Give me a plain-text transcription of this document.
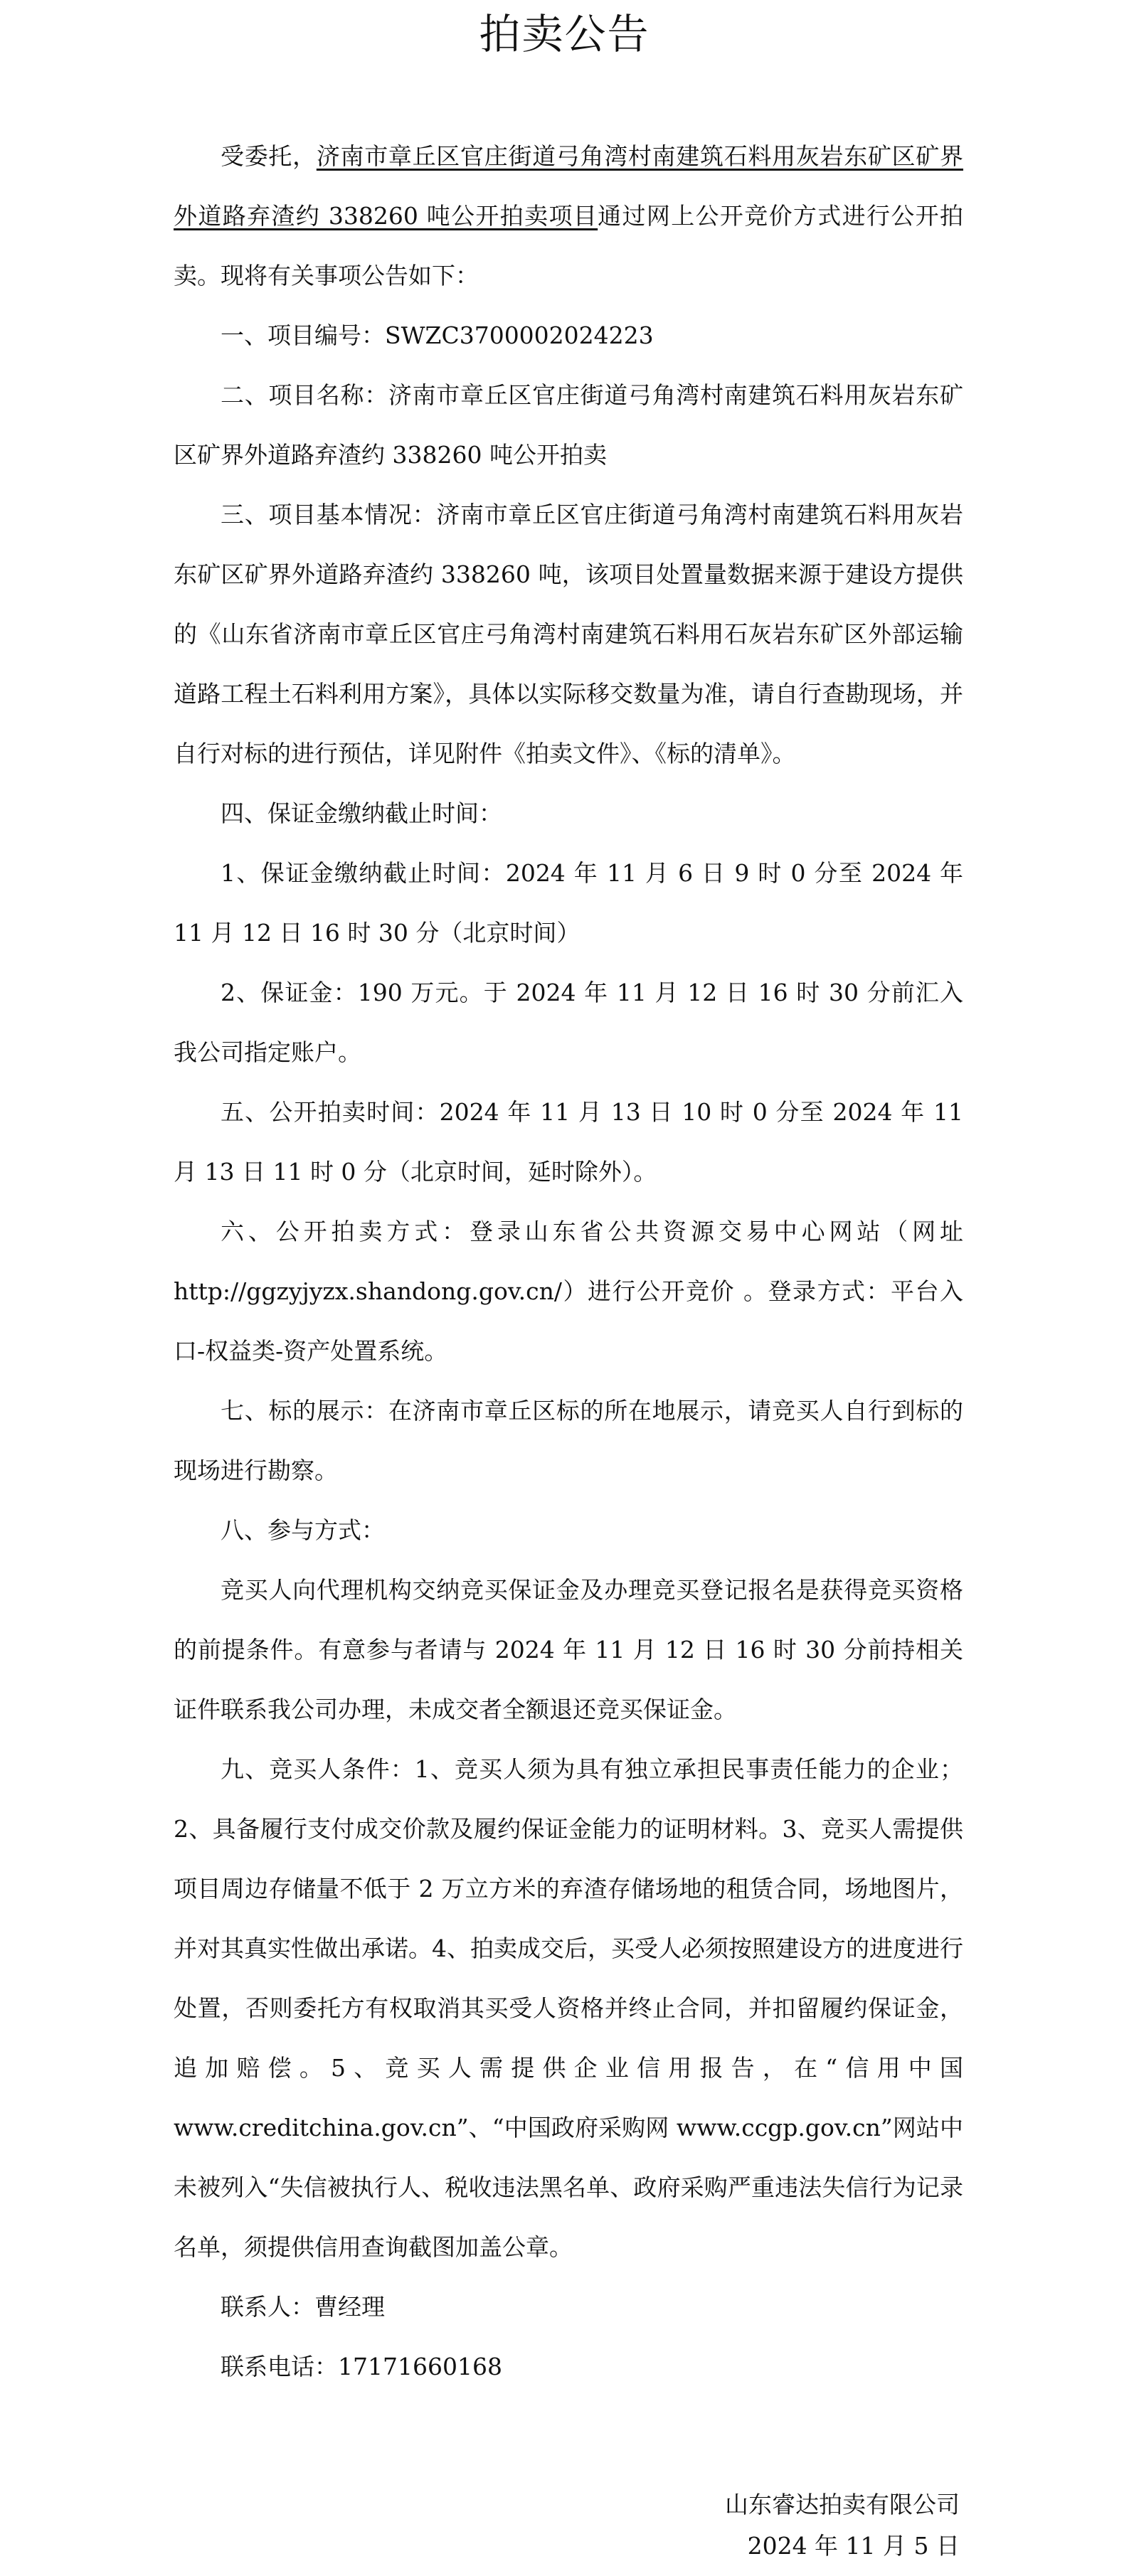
拍卖公告

受委托，济南市章丘区官庄街道弓角湾村南建筑石料用灰岩东矿区矿界外道路弃渣约 338260 吨公开拍卖项目通过网上公开竞价方式进行公开拍卖。现将有关事项公告如下：

一、项目编号：SWZC3700002024223

二、项目名称：济南市章丘区官庄街道弓角湾村南建筑石料用灰岩东矿区矿界外道路弃渣约 338260 吨公开拍卖

三、项目基本情况：济南市章丘区官庄街道弓角湾村南建筑石料用灰岩东矿区矿界外道路弃渣约 338260 吨，该项目处置量数据来源于建设方提供的《山东省济南市章丘区官庄弓角湾村南建筑石料用石灰岩东矿区外部运输道路工程土石料利用方案》，具体以实际移交数量为准，请自行查勘现场，并自行对标的进行预估，详见附件《拍卖文件》、《标的清单》。

四、保证金缴纳截止时间：

1、保证金缴纳截止时间：2024 年 11 月 6 日 9 时 0 分至 2024 年 11 月 12 日 16 时 30 分（北京时间）

2、保证金：190 万元。于 2024 年 11 月 12 日 16 时 30 分前汇入我公司指定账户。

五、公开拍卖时间：2024 年 11 月 13 日 10 时 0 分至 2024 年 11 月 13 日 11 时 0 分（北京时间，延时除外）。

六、公开拍卖方式：登录山东省公共资源交易中心网站（网址 http://ggzyjyzx.shandong.gov.cn/）进行公开竞价 。登录方式：平台入口-权益类-资产处置系统。

七、标的展示：在济南市章丘区标的所在地展示，请竞买人自行到标的现场进行勘察。

八、参与方式：

竞买人向代理机构交纳竞买保证金及办理竞买登记报名是获得竞买资格的前提条件。有意参与者请与 2024 年 11 月 12 日 16 时 30 分前持相关证件联系我公司办理，未成交者全额退还竞买保证金。

九、竞买人条件：1、竞买人须为具有独立承担民事责任能力的企业；2、具备履行支付成交价款及履约保证金能力的证明材料。3、竞买人需提供项目周边存储量不低于 2 万立方米的弃渣存储场地的租赁合同，场地图片，并对其真实性做出承诺。4、拍卖成交后，买受人必须按照建设方的进度进行处置，否则委托方有权取消其买受人资格并终止合同，并扣留履约保证金，追加赔偿。5、竞买人需提供企业信用报告，在“信用中国 www.creditchina.gov.cn”、“中国政府采购网 www.ccgp.gov.cn”网站中未被列入“失信被执行人、税收违法黑名单、政府采购严重违法失信行为记录名单，须提供信用查询截图加盖公章。

联系人：曹经理

联系电话：17171660168

山东睿达拍卖有限公司
2024 年 11 月 5 日
